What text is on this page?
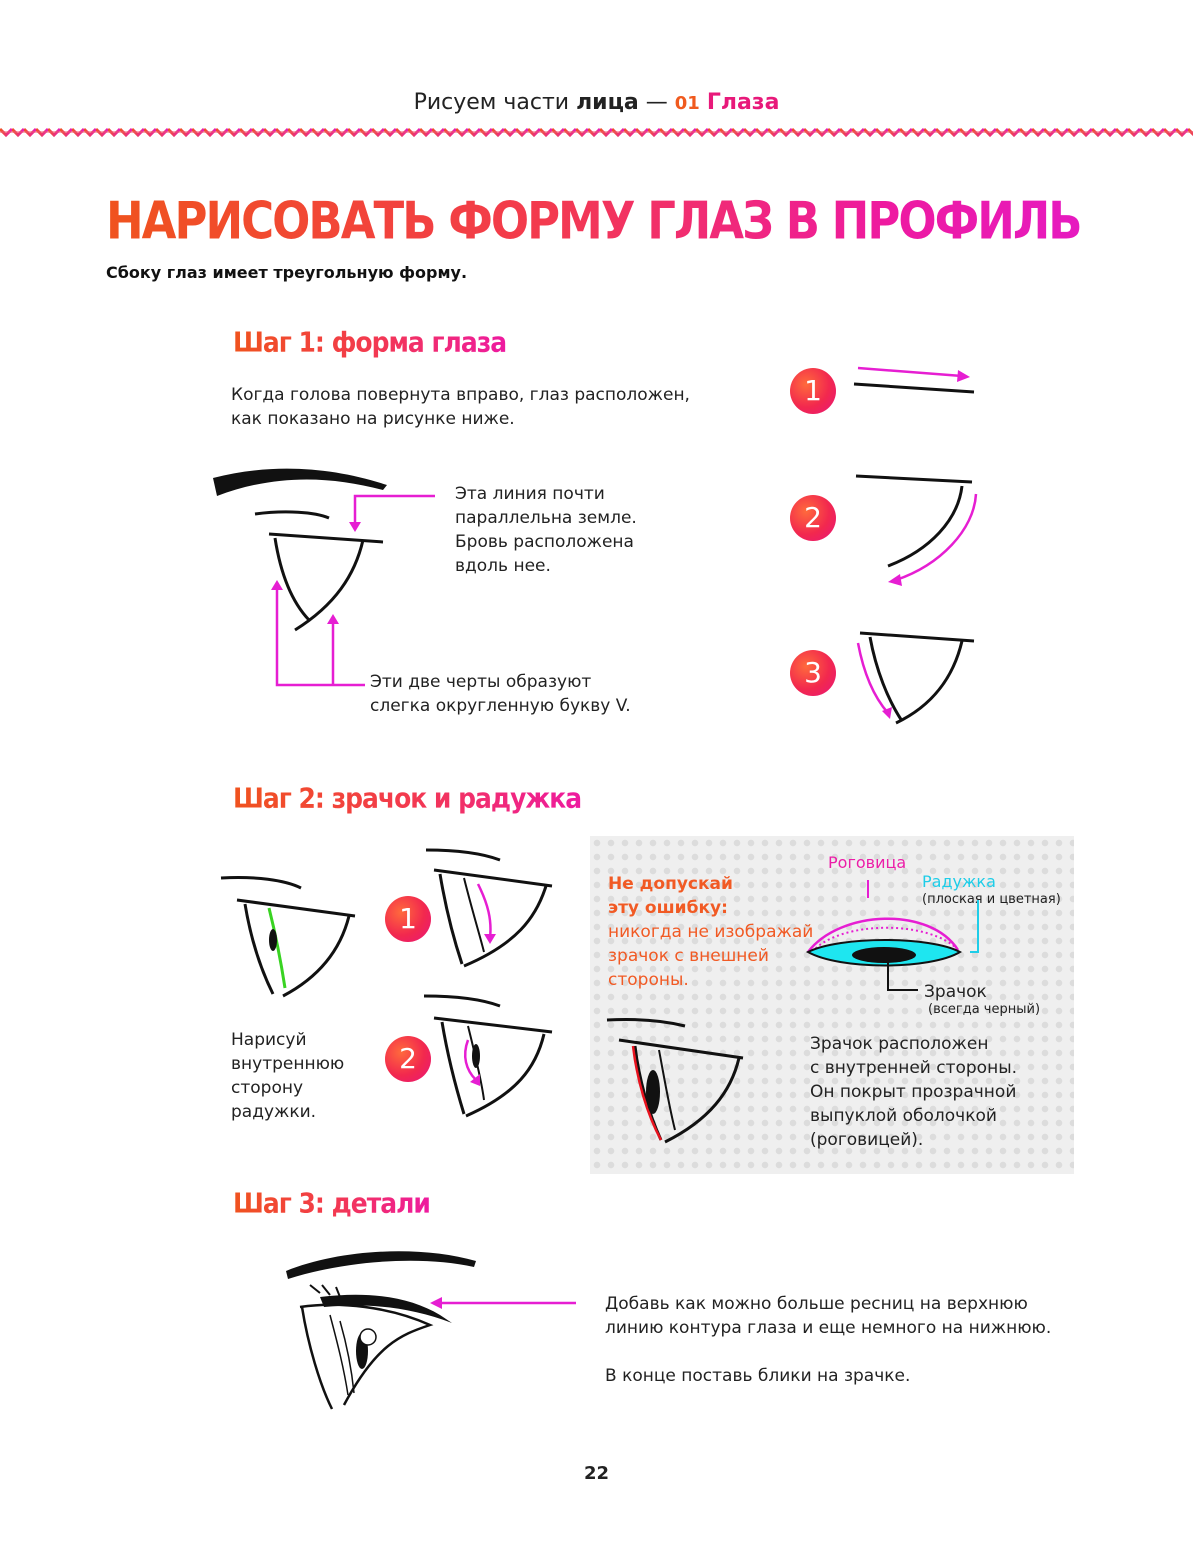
Рисуем части лица — 01 Глаза
НАРИСОВАТЬ ФОРМУ ГЛАЗ В ПРОФИЛЬ
Сбоку глаз имеет треугольную форму.
Шаг 1: форма глаза
Когда голова повернута вправо, глаз расположен,
как показано на рисунке ниже.
Эта линия почти
параллельна земле.
Бровь расположена
вдоль нее.
Эти две черты образуют
слегка округленную букву V.
1
2
3
Шаг 2: зрачок и радужка
Нарисуй
внутреннюю
сторону
радужки.
1
2
Не допускай
эту ошибку:
никогда не изображай
зрачок с внешней
стороны.
Роговица
Радужка
(плоская и цветная)
Зрачок
(всегда черный)
Зрачок расположен
с внутренней стороны.
Он покрыт прозрачной
выпуклой оболочкой
(роговицей).
Шаг 3: детали
Добавь как можно больше ресниц на верхнюю
линию контура глаза и еще немного на нижнюю.
В конце поставь блики на зрачке.
22
